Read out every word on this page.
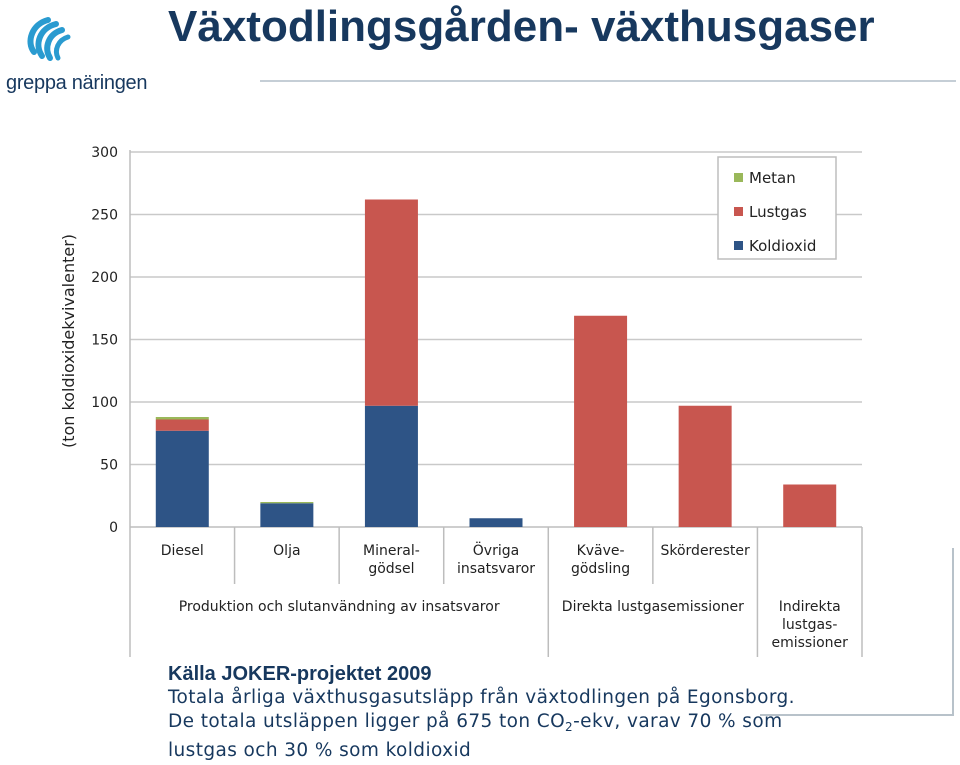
greppa näringen
Växtodlingsgården- växthusgaser
0
50
100
150
200
250
300
Diesel	Olja	Mineral-gödsel
Övriga insatsvaror
Kväve-gödsling
Skörderester
Produktion och slutanvändning av insatsvaror	Direkta lustgasemissioner	Indirekta lustgas-emissioner
(ton koldioxidekvivalenter)
Metan
Lustgas
Koldioxid
Källa JOKER-projektet 2009
Totala årliga växthusgasutsläpp från växtodlingen på Egonsborg.
De totala utsläppen ligger på 675 ton $CO_2$-ekv, varav 70 % som
lustgas och 30 % som koldioxid
